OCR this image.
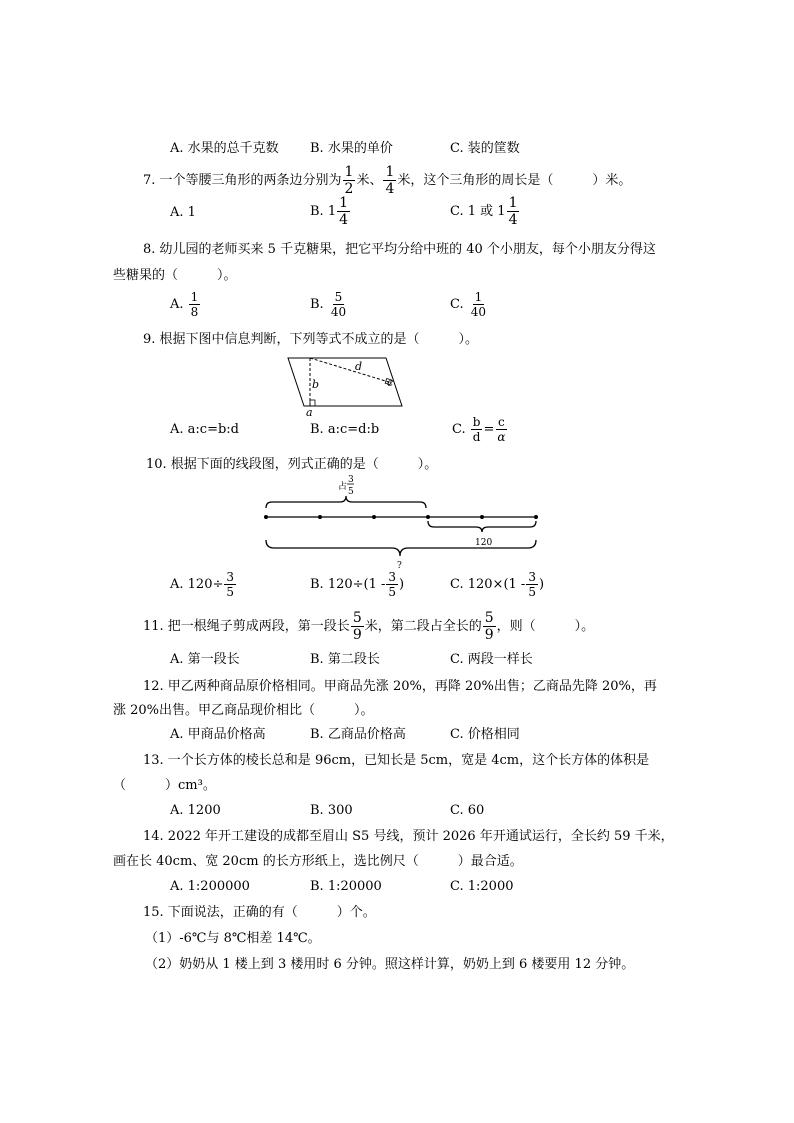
A. 水果的总千克数 B. 水果的单价	C. 装的筐数
7. 一个等腰三角形的两条边分别为 $\frac{1}{2}$ 米、 $\frac{1}{4}$ 米，这个三角形的周长是（　　　）米。
A. 1	B. $1 \frac{1}{4}$	C. 1 或 $1 \frac{1}{4}$
8. 幼儿园的老师买来 5 千克糖果，把它平均分给中班的 40 个小朋友，每个小朋友分得这
些糖果的（　　　）。
A. $\frac{1}{8}$	B. $\frac{5}{40}$	C. $\frac{1}{40}$
9. 根据下图中信息判断，下列等式不成立的是（　　　）。
b
d
c
a
A. a:c=b:d	B. a:c=d:b	C. $\frac{b}{d} = \frac{c}{\alpha}$
10. 根据下面的线段图，列式正确的是（　　　）。
占
3
5
120
?
A. $120\div \frac{3}{5}$	B. $120\div(1 - \frac{3}{5}$ )	C. $120\times(1 - \frac{3}{5}$ )
11. 把一根绳子剪成两段，第一段长 $\frac{5}{9}$ 米，第二段占全长的 $\frac{5}{9}$ ，则（　　　）。
A. 第一段长	B. 第二段长	C. 两段一样长
12. 甲乙两种商品原价格相同。甲商品先涨 20%，再降 20%出售；乙商品先降 20%，再
涨 20%出售。甲乙商品现价相比（　　　）。
A. 甲商品价格高	B. 乙商品价格高	C. 价格相同
13. 一个长方体的棱长总和是 96cm，已知长是 5cm，宽是 4cm，这个长方体的体积是
（　　　）cm³。
A. 1200	B. 300	C. 60
14. 2022 年开工建设的成都至眉山 S5 号线，预计 2026 年开通试运行，全长约 59 千米，
画在长 40cm、宽 20cm 的长方形纸上，选比例尺（　　　）最合适。
A. 1:200000	B. 1:20000	C. 1:2000
15. 下面说法，正确的有（　　　）个。
（1）-6℃与 8℃相差 14℃。
（2）奶奶从 1 楼上到 3 楼用时 6 分钟。照这样计算，奶奶上到 6 楼要用 12 分钟。
